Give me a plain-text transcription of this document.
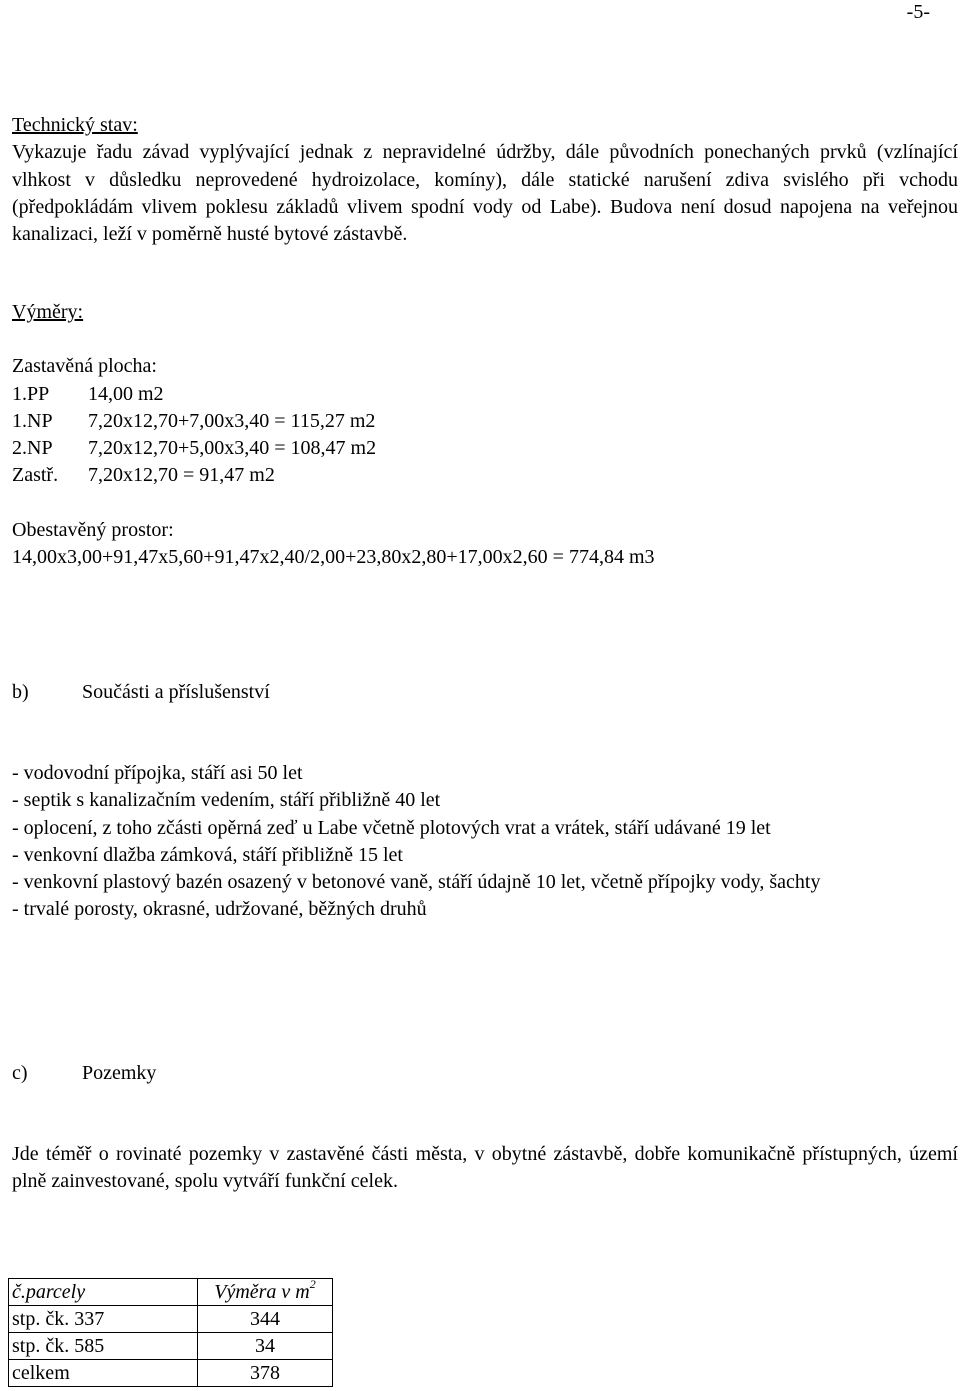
-5-
Technický stav:
Vykazuje řadu závad vyplývající jednak z nepravidelné údržby, dále původních ponechaných prvků (vzlínající vlhkost v důsledku neprovedené hydroizolace, komíny), dále statické narušení zdiva svislého při vchodu (předpokládám vlivem poklesu základů vlivem spodní vody od Labe). Budova není dosud napojena na veřejnou kanalizaci, leží v poměrně husté bytové zástavbě.
Výměry:
Zastavěná plocha:
1.PP	14,00 m2
1.NP	7,20x12,70+7,00x3,40 = 115,27 m2
2.NP	7,20x12,70+5,00x3,40 = 108,47 m2
Zastř.	7,20x12,70 = 91,47 m2
Obestavěný prostor:
14,00x3,00+91,47x5,60+91,47x2,40/2,00+23,80x2,80+17,00x2,60 = 774,84 m3
b)	Součásti a příslušenství
- vodovodní přípojka, stáří asi 50 let
- septik s kanalizačním vedením, stáří přibližně 40 let
- oplocení, z toho zčásti opěrná zeď u Labe včetně plotových vrat a vrátek, stáří udávané 19 let
- venkovní dlažba zámková, stáří přibližně 15 let
- venkovní plastový bazén osazený v betonové vaně, stáří údajně 10 let, včetně přípojky vody, šachty
- trvalé porosty, okrasné, udržované, běžných druhů
c)	Pozemky
Jde téměř o rovinaté pozemky v zastavěné části města, v obytné zástavbě, dobře komunikačně přístupných, území plně zainvestované, spolu vytváří funkční celek.
č.parcely	Výměra v $m^2$
stp. čk. 337	344
stp. čk. 585	34
celkem	378
